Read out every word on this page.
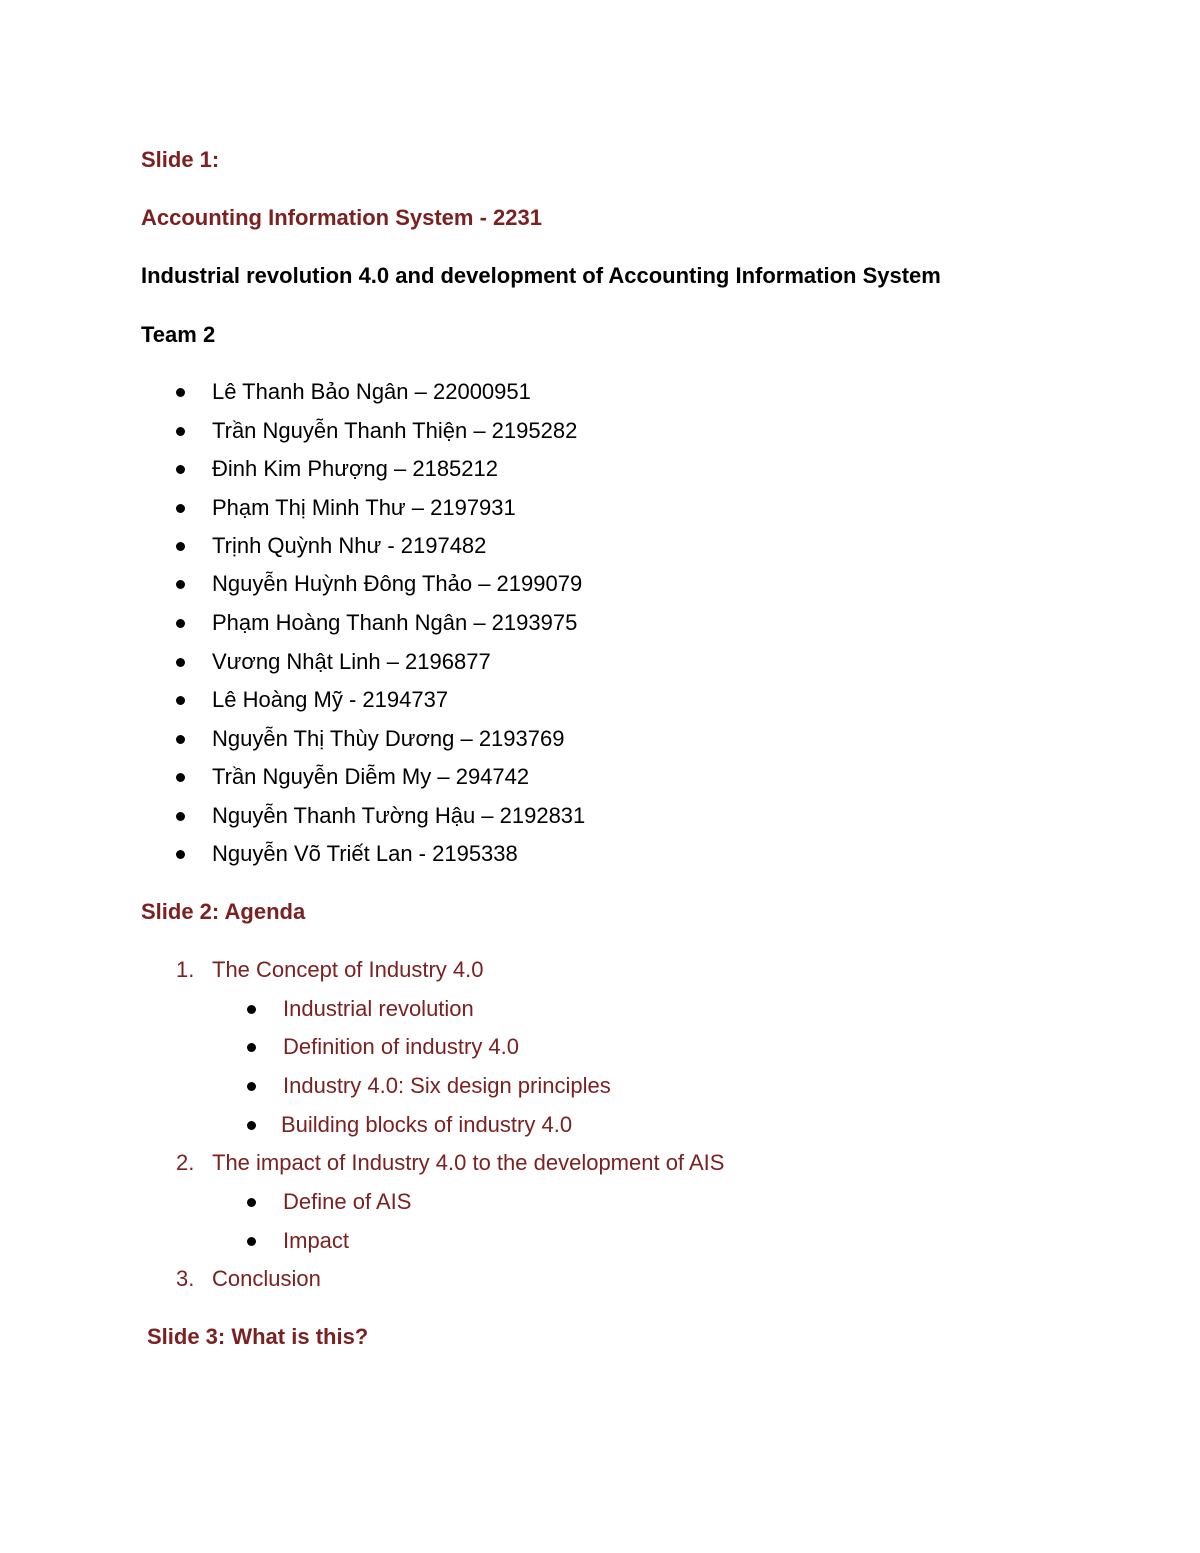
Slide 1:
Accounting Information System - 2231
Industrial revolution 4.0 and development of Accounting Information System
Team 2
Lê Thanh Bảo Ngân – 22000951
Trần Nguyễn Thanh Thiện – 2195282
Đinh Kim Phượng – 2185212
Phạm Thị Minh Thư – 2197931
Trịnh Quỳnh Như - 2197482
Nguyễn Huỳnh Đông Thảo – 2199079
Phạm Hoàng Thanh Ngân – 2193975
Vương Nhật Linh – 2196877
Lê Hoàng Mỹ - 2194737
Nguyễn Thị Thùy Dương – 2193769
Trần Nguyễn Diễm My – 294742
Nguyễn Thanh Tường Hậu – 2192831
Nguyễn Võ Triết Lan - 2195338
Slide 2: Agenda
1. The Concept of Industry 4.0
Industrial revolution
Definition of industry 4.0
Industry 4.0: Six design principles
Building blocks of industry 4.0
2. The impact of Industry 4.0 to the development of AIS
Define of AIS
Impact
3. Conclusion
Slide 3: What is this?
